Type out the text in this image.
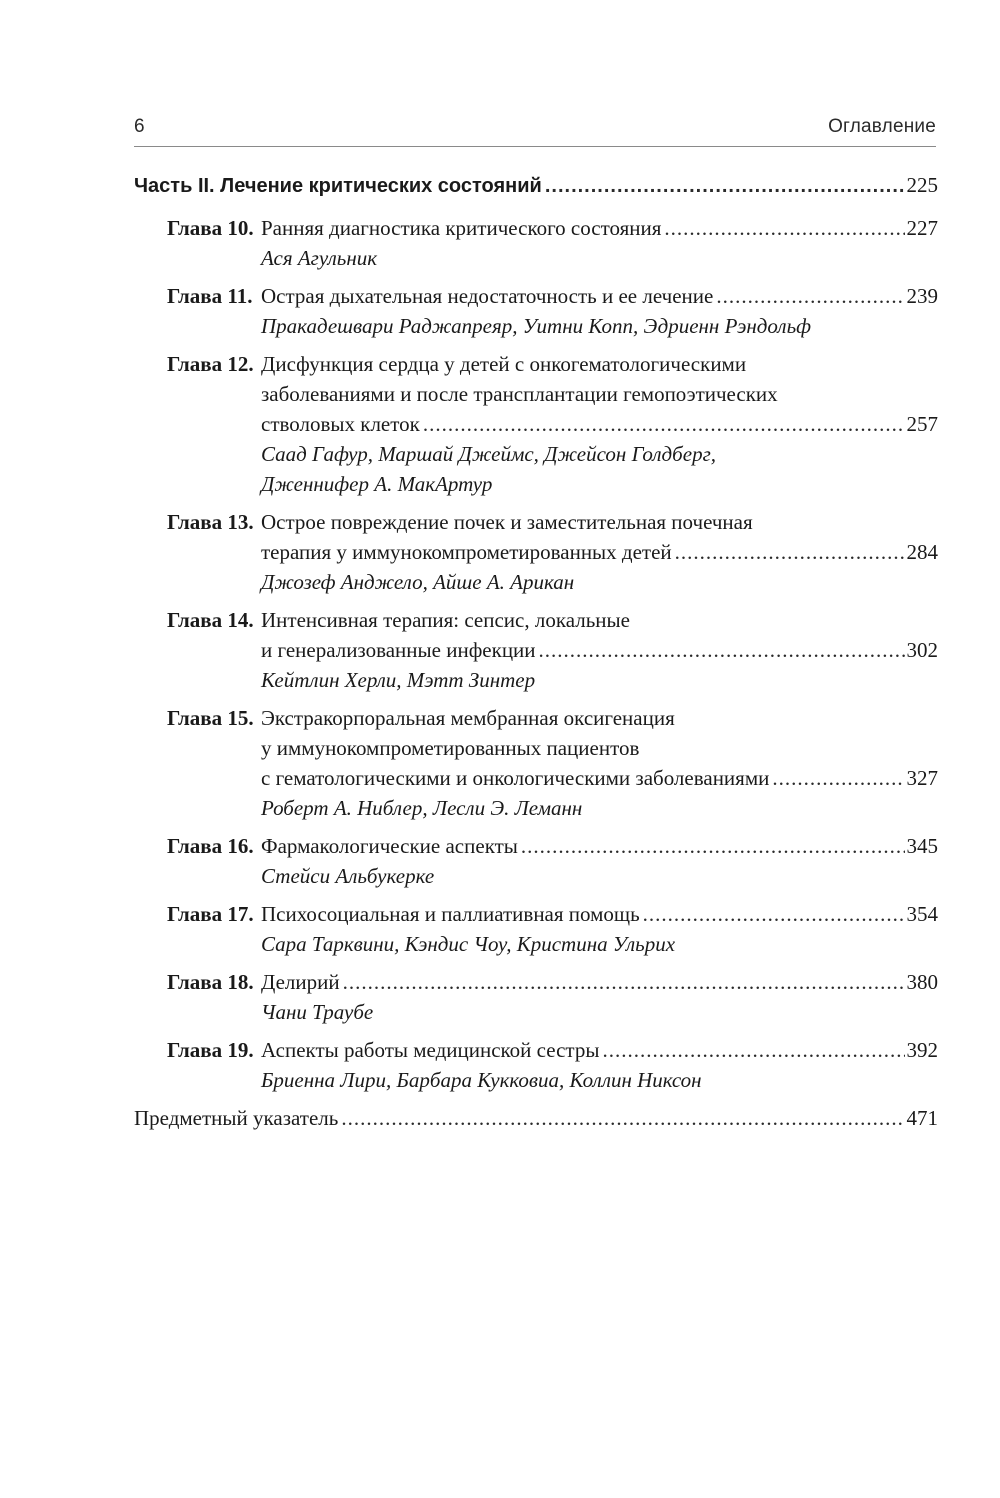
6	Оглавление
Часть II. Лечение критических состояний .....	225
Глава 10. Ранняя диагностика критического состояния .....	227
Ася Агульник
Глава 11. Острая дыхательная недостаточность и ее лечение .....	239
Пракадешвари Раджапреяр, Уитни Копп, Эдриенн Рэндольф
Глава 12. Дисфункция сердца у детей с онкогематологическими
заболеваниями и после трансплантации гемопоэтических
стволовых клеток .....	257
Саад Гафур, Маршай Джеймс, Джейсон Голдберг,
Дженнифер А. МакАртур
Глава 13. Острое повреждение почек и заместительная почечная
терапия у иммунокомпрометированных детей .....	284
Джозеф Анджело, Айше А. Арикан
Глава 14. Интенсивная терапия: сепсис, локальные
и генерализованные инфекции .....	302
Кейтлин Херли, Мэтт Зинтер
Глава 15. Экстракорпоральная мембранная оксигенация
у иммунокомпрометированных пациентов
с гематологическими и онкологическими заболеваниями .....	327
Роберт А. Ниблер, Лесли Э. Леманн
Глава 16. Фармакологические аспекты .....	345
Стейси Альбукерке
Глава 17. Психосоциальная и паллиативная помощь .....	354
Сара Тарквини, Кэндис Чоу, Кристина Ульрих
Глава 18. Делирий .....	380
Чани Траубе
Глава 19. Аспекты работы медицинской сестры .....	392
Бриенна Лири, Барбара Кукковиа, Коллин Никсон
Предметный указатель .....	471
